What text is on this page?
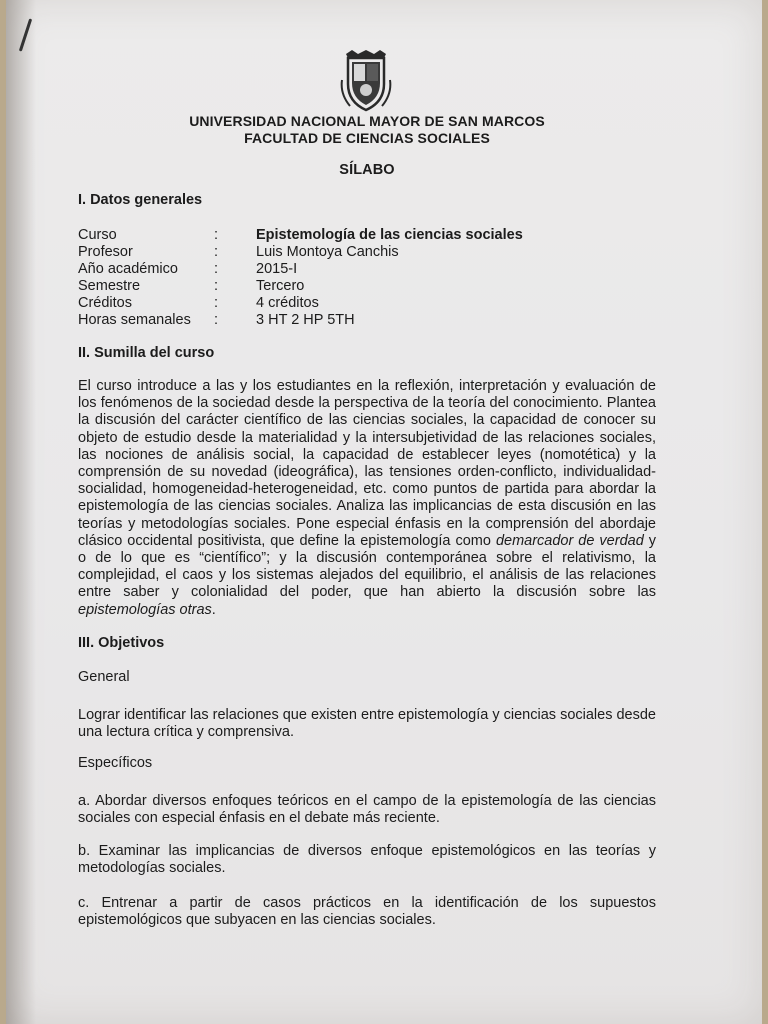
UNIVERSIDAD NACIONAL MAYOR DE SAN MARCOS
FACULTAD DE CIENCIAS SOCIALES
SÍLABO
I. Datos generales
Curso	:	Epistemología de las ciencias sociales
Profesor	:	Luis Montoya Canchis
Año académico	:	2015-I
Semestre	:	Tercero
Créditos	:	4 créditos
Horas semanales	:	3 HT 2 HP 5TH
II. Sumilla del curso
El curso introduce a las y los estudiantes en la reflexión, interpretación y evaluación de los fenómenos de la sociedad desde la perspectiva de la teoría del conocimiento. Plantea la discusión del carácter científico de las ciencias sociales, la capacidad de conocer su objeto de estudio desde la materialidad y la intersubjetividad de las relaciones sociales, las nociones de análisis social, la capacidad de establecer leyes (nomotética) y la comprensión de su novedad (ideográfica), las tensiones orden-conflicto, individualidad-socialidad, homogeneidad-heterogeneidad, etc. como puntos de partida para abordar la epistemología de las ciencias sociales. Analiza las implicancias de esta discusión en las teorías y metodologías sociales. Pone especial énfasis en la comprensión del abordaje clásico occidental positivista, que define la epistemología como demarcador de verdad y o de lo que es “científico”; y la discusión contemporánea sobre el relativismo, la complejidad, el caos y los sistemas alejados del equilibrio, el análisis de las relaciones entre saber y colonialidad del poder, que han abierto la discusión sobre las epistemologías otras.
III. Objetivos
General
Lograr identificar las relaciones que existen entre epistemología y ciencias sociales desde una lectura crítica y comprensiva.
Específicos
a. Abordar diversos enfoques teóricos en el campo de la epistemología de las ciencias sociales con especial énfasis en el debate más reciente.
b. Examinar las implicancias de diversos enfoque epistemológicos en las teorías y metodologías sociales.
c. Entrenar a partir de casos prácticos en la identificación de los supuestos epistemológicos que subyacen en las ciencias sociales.
